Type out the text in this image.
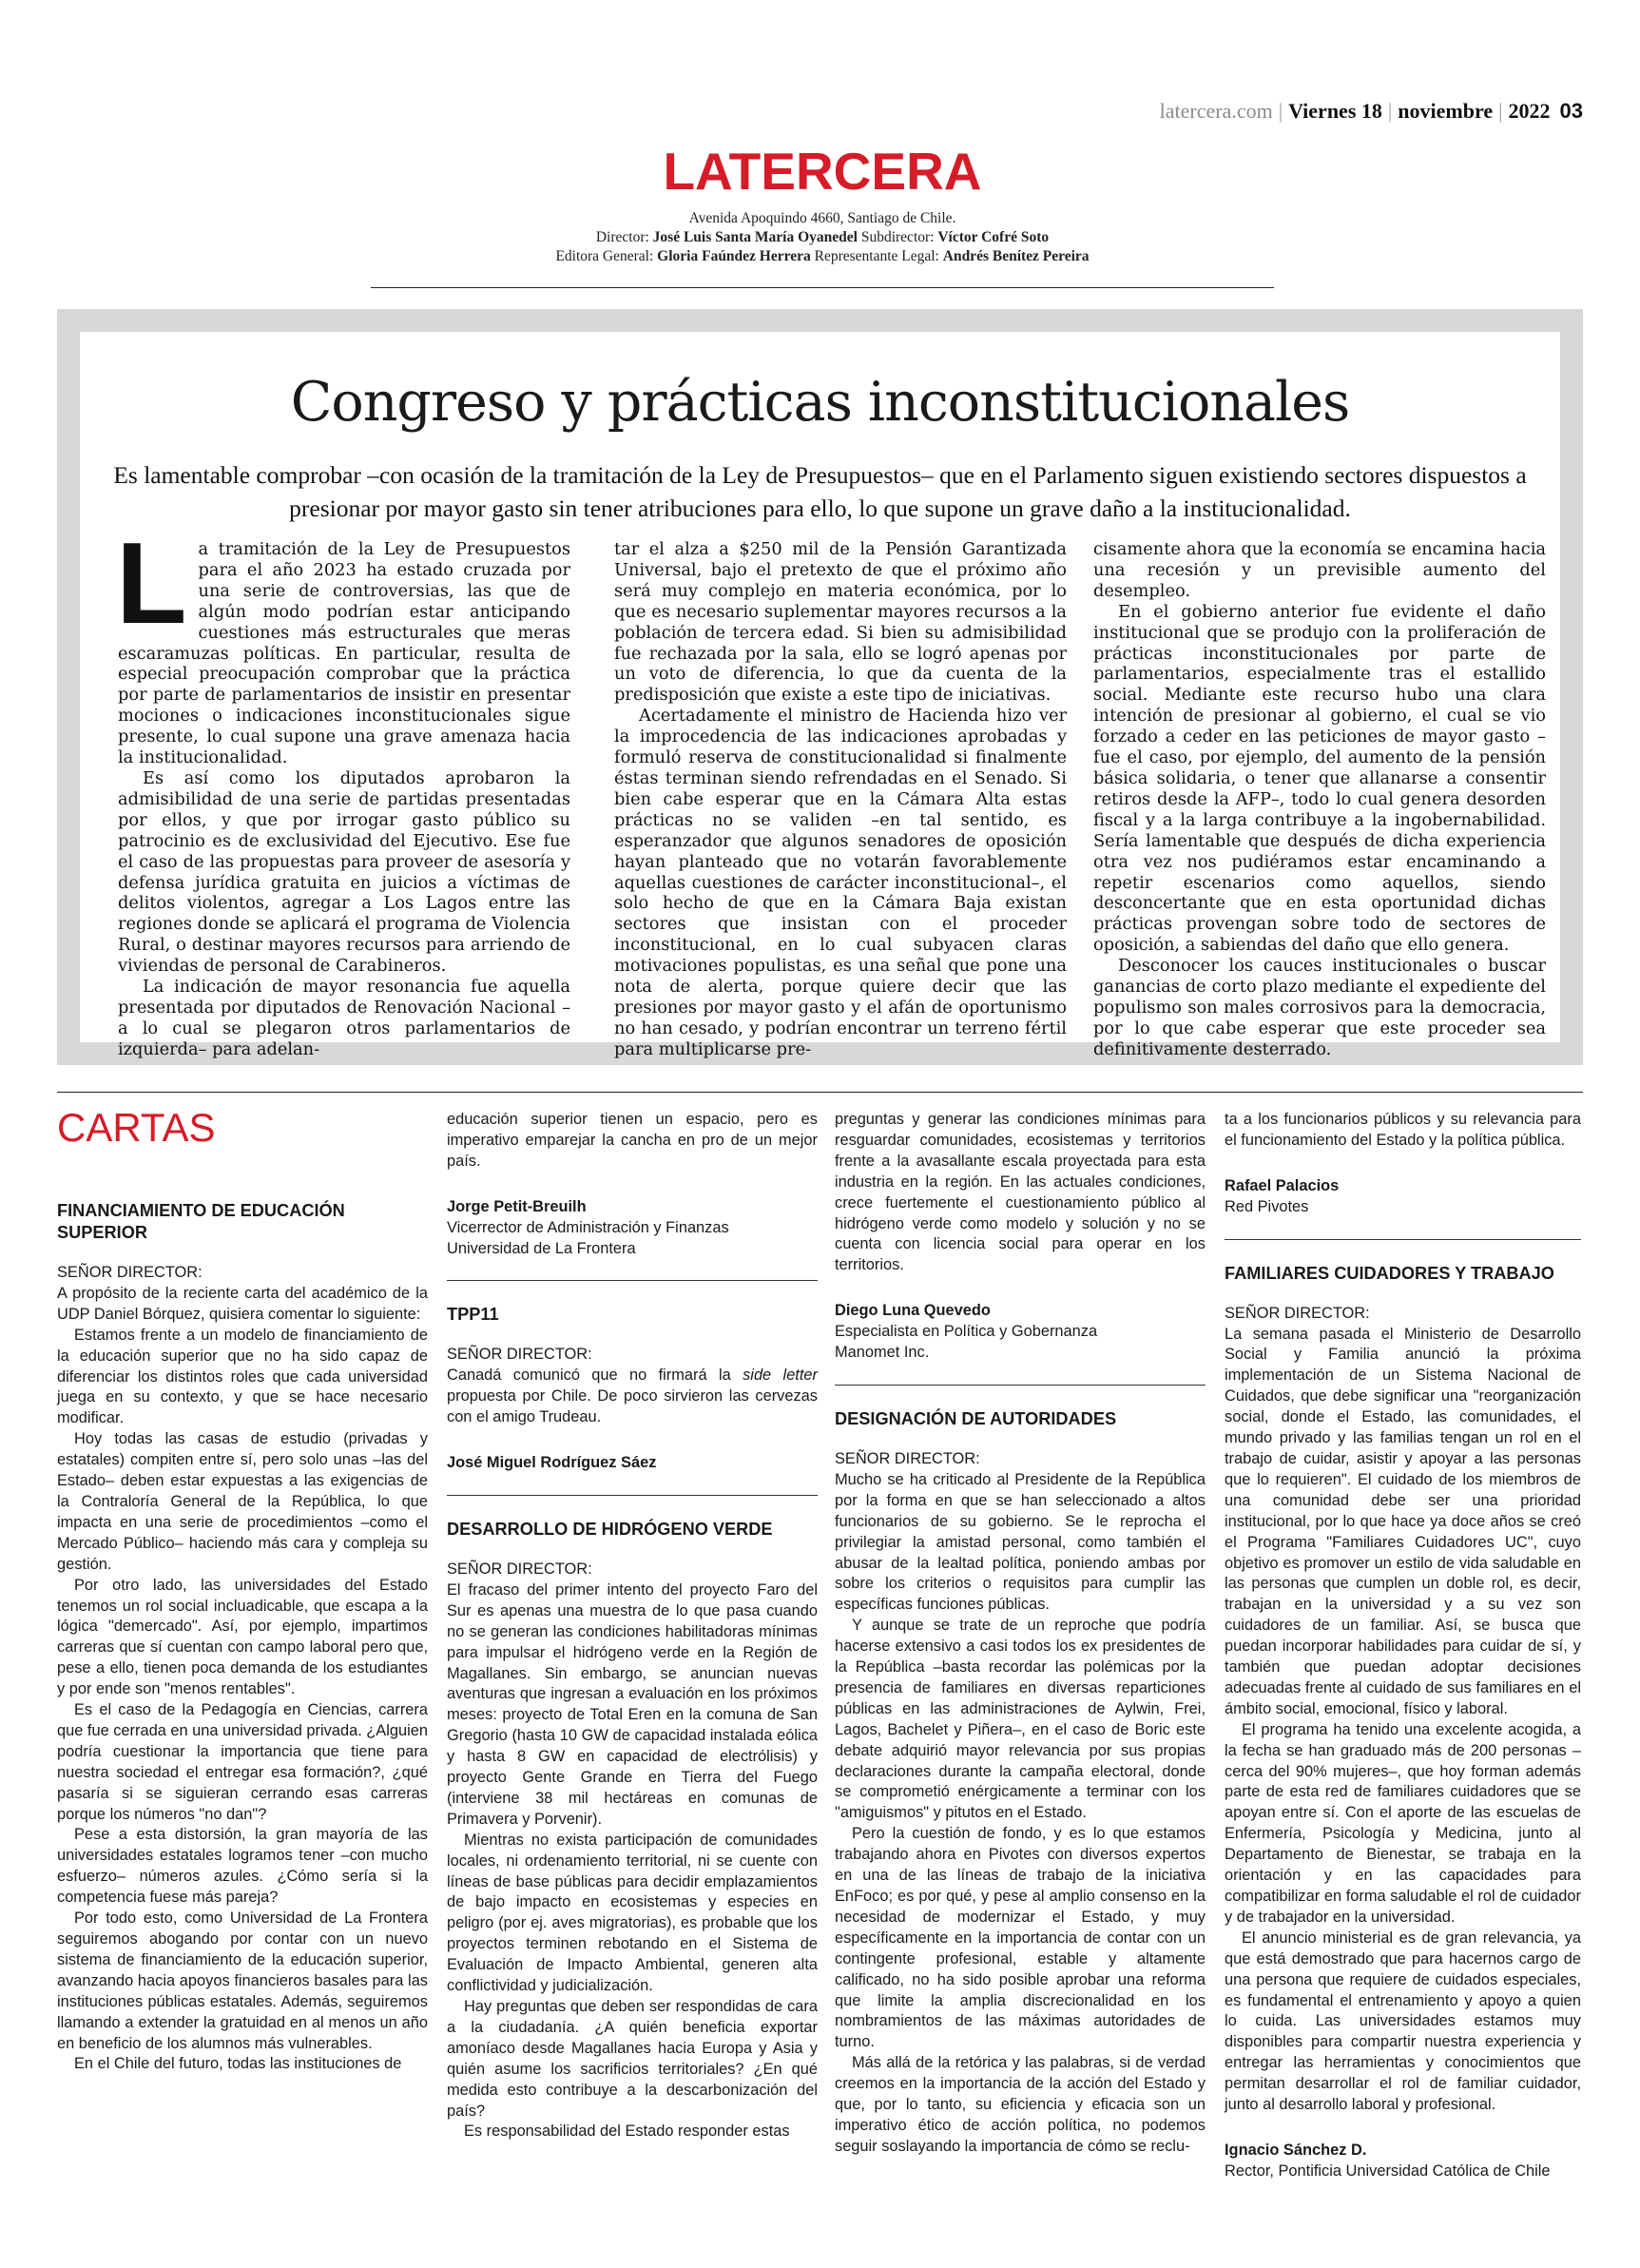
latercera.com | Viernes 18 | noviembre | 2022 03
LATERCERA
Avenida Apoquindo 4660, Santiago de Chile.
Director: José Luis Santa María Oyanedel Subdirector: Víctor Cofré Soto
Editora General: Gloria Faúndez Herrera Representante Legal: Andrés Benítez Pereira
Congreso y prácticas inconstitucionales
Es lamentable comprobar –con ocasión de la tramitación de la Ley de Presupuestos– que en el Parlamento siguen existiendo sectores dispuestos a presionar por mayor gasto sin tener atribuciones para ello, lo que supone un grave daño a la institucionalidad.

La tramitación de la Ley de Presupuestos para el año 2023 ha estado cruzada por una serie de controversias, las que de algún modo podrían estar anticipando cuestiones más estructurales que meras escaramuzas políticas. En particular, resulta de especial preocupación comprobar que la práctica por parte de parlamentarios de insistir en presentar mociones o indicaciones inconstitucionales sigue presente, lo cual supone una grave amenaza hacia la institucionalidad.

Es así como los diputados aprobaron la admisibilidad de una serie de partidas presentadas por ellos, y que por irrogar gasto público su patrocinio es de exclusividad del Ejecutivo. Ese fue el caso de las propuestas para proveer de asesoría y defensa jurídica gratuita en juicios a víctimas de delitos violentos, agregar a Los Lagos entre las regiones donde se aplicará el programa de Violencia Rural, o destinar mayores recursos para arriendo de viviendas de personal de Carabineros.

La indicación de mayor resonancia fue aquella presentada por diputados de Renovación Nacional –a lo cual se plegaron otros parlamentarios de izquierda– para adelan-

tar el alza a $250 mil de la Pensión Garantizada Universal, bajo el pretexto de que el próximo año será muy complejo en materia económica, por lo que es necesario suplementar mayores recursos a la población de tercera edad. Si bien su admisibilidad fue rechazada por la sala, ello se logró apenas por un voto de diferencia, lo que da cuenta de la predisposición que existe a este tipo de iniciativas.

Acertadamente el ministro de Hacienda hizo ver la improcedencia de las indicaciones aprobadas y formuló reserva de constitucionalidad si finalmente éstas terminan siendo refrendadas en el Senado. Si bien cabe esperar que en la Cámara Alta estas prácticas no se validen –en tal sentido, es esperanzador que algunos senadores de oposición hayan planteado que no votarán favorablemente aquellas cuestiones de carácter inconstitucional–, el solo hecho de que en la Cámara Baja existan sectores que insistan con el proceder inconstitucional, en lo cual subyacen claras motivaciones populistas, es una señal que pone una nota de alerta, porque quiere decir que las presiones por mayor gasto y el afán de oportunismo no han cesado, y podrían encontrar un terreno fértil para multiplicarse pre-

cisamente ahora que la economía se encamina hacia una recesión y un previsible aumento del desempleo.

En el gobierno anterior fue evidente el daño institucional que se produjo con la proliferación de prácticas inconstitucionales por parte de parlamentarios, especialmente tras el estallido social. Mediante este recurso hubo una clara intención de presionar al gobierno, el cual se vio forzado a ceder en las peticiones de mayor gasto –fue el caso, por ejemplo, del aumento de la pensión básica solidaria, o tener que allanarse a consentir retiros desde la AFP–, todo lo cual genera desorden fiscal y a la larga contribuye a la ingobernabilidad. Sería lamentable que después de dicha experiencia otra vez nos pudiéramos estar encaminando a repetir escenarios como aquellos, siendo desconcertante que en esta oportunidad dichas prácticas provengan sobre todo de sectores de oposición, a sabiendas del daño que ello genera.

Desconocer los cauces institucionales o buscar ganancias de corto plazo mediante el expediente del populismo son males corrosivos para la democracia, por lo que cabe esperar que este proceder sea definitivamente desterrado.

CARTAS

FINANCIAMIENTO DE EDUCACIÓN SUPERIOR

SEÑOR DIRECTOR:

A propósito de la reciente carta del académico de la UDP Daniel Bórquez, quisiera comentar lo siguiente:

Estamos frente a un modelo de financiamiento de la educación superior que no ha sido capaz de diferenciar los distintos roles que cada universidad juega en su contexto, y que se hace necesario modificar.

Hoy todas las casas de estudio (privadas y estatales) compiten entre sí, pero solo unas –las del Estado– deben estar expuestas a las exigencias de la Contraloría General de la República, lo que impacta en una serie de procedimientos –como el Mercado Público– haciendo más cara y compleja su gestión.

Por otro lado, las universidades del Estado tenemos un rol social incluadicable, que escapa a la lógica "demercado". Así, por ejemplo, impartimos carreras que sí cuentan con campo laboral pero que, pese a ello, tienen poca demanda de los estudiantes y por ende son "menos rentables".

Es el caso de la Pedagogía en Ciencias, carrera que fue cerrada en una universidad privada. ¿Alguien podría cuestionar la importancia que tiene para nuestra sociedad el entregar esa formación?, ¿qué pasaría si se siguieran cerrando esas carreras porque los números "no dan"?

Pese a esta distorsión, la gran mayoría de las universidades estatales logramos tener –con mucho esfuerzo– números azules. ¿Cómo sería si la competencia fuese más pareja?

Por todo esto, como Universidad de La Frontera seguiremos abogando por contar con un nuevo sistema de financiamiento de la educación superior, avanzando hacia apoyos financieros basales para las instituciones públicas estatales. Además, seguiremos llamando a extender la gratuidad en al menos un año en beneficio de los alumnos más vulnerables.

En el Chile del futuro, todas las instituciones de

educación superior tienen un espacio, pero es imperativo emparejar la cancha en pro de un mejor país.

Jorge Petit-Breuilh

Vicerrector de Administración y Finanzas

Universidad de La Frontera

TPP11

SEÑOR DIRECTOR:

Canadá comunicó que no firmará la side letter propuesta por Chile. De poco sirvieron las cervezas con el amigo Trudeau.

José Miguel Rodríguez Sáez

DESARROLLO DE HIDRÓGENO VERDE

SEÑOR DIRECTOR:

El fracaso del primer intento del proyecto Faro del Sur es apenas una muestra de lo que pasa cuando no se generan las condiciones habilitadoras mínimas para impulsar el hidrógeno verde en la Región de Magallanes. Sin embargo, se anuncian nuevas aventuras que ingresan a evaluación en los próximos meses: proyecto de Total Eren en la comuna de San Gregorio (hasta 10 GW de capacidad instalada eólica y hasta 8 GW en capacidad de electrólisis) y proyecto Gente Grande en Tierra del Fuego (interviene 38 mil hectáreas en comunas de Primavera y Porvenir).

Mientras no exista participación de comunidades locales, ni ordenamiento territorial, ni se cuente con líneas de base públicas para decidir emplazamientos de bajo impacto en ecosistemas y especies en peligro (por ej. aves migratorias), es probable que los proyectos terminen rebotando en el Sistema de Evaluación de Impacto Ambiental, generen alta conflictividad y judicialización.

Hay preguntas que deben ser respondidas de cara a la ciudadanía. ¿A quién beneficia exportar amoníaco desde Magallanes hacia Europa y Asia y quién asume los sacrificios territoriales? ¿En qué medida esto contribuye a la descarbonización del país?

Es responsabilidad del Estado responder estas

preguntas y generar las condiciones mínimas para resguardar comunidades, ecosistemas y territorios frente a la avasallante escala proyectada para esta industria en la región. En las actuales condiciones, crece fuertemente el cuestionamiento público al hidrógeno verde como modelo y solución y no se cuenta con licencia social para operar en los territorios.

Diego Luna Quevedo

Especialista en Política y Gobernanza

Manomet Inc.

DESIGNACIÓN DE AUTORIDADES

SEÑOR DIRECTOR:

Mucho se ha criticado al Presidente de la República por la forma en que se han seleccionado a altos funcionarios de su gobierno. Se le reprocha el privilegiar la amistad personal, como también el abusar de la lealtad política, poniendo ambas por sobre los criterios o requisitos para cumplir las específicas funciones públicas.

Y aunque se trate de un reproche que podría hacerse extensivo a casi todos los ex presidentes de la República –basta recordar las polémicas por la presencia de familiares en diversas reparticiones públicas en las administraciones de Aylwin, Frei, Lagos, Bachelet y Piñera–, en el caso de Boric este debate adquirió mayor relevancia por sus propias declaraciones durante la campaña electoral, donde se comprometió enérgicamente a terminar con los "amiguismos" y pitutos en el Estado.

Pero la cuestión de fondo, y es lo que estamos trabajando ahora en Pivotes con diversos expertos en una de las líneas de trabajo de la iniciativa EnFoco; es por qué, y pese al amplio consenso en la necesidad de modernizar el Estado, y muy específicamente en la importancia de contar con un contingente profesional, estable y altamente calificado, no ha sido posible aprobar una reforma que limite la amplia discrecionalidad en los nombramientos de las máximas autoridades de turno.

Más allá de la retórica y las palabras, si de verdad creemos en la importancia de la acción del Estado y que, por lo tanto, su eficiencia y eficacia son un imperativo ético de acción política, no podemos seguir soslayando la importancia de cómo se reclu-

ta a los funcionarios públicos y su relevancia para el funcionamiento del Estado y la política pública.

Rafael Palacios

Red Pivotes

FAMILIARES CUIDADORES Y TRABAJO

SEÑOR DIRECTOR:

La semana pasada el Ministerio de Desarrollo Social y Familia anunció la próxima implementación de un Sistema Nacional de Cuidados, que debe significar una "reorganización social, donde el Estado, las comunidades, el mundo privado y las familias tengan un rol en el trabajo de cuidar, asistir y apoyar a las personas que lo requieren". El cuidado de los miembros de una comunidad debe ser una prioridad institucional, por lo que hace ya doce años se creó el Programa "Familiares Cuidadores UC", cuyo objetivo es promover un estilo de vida saludable en las personas que cumplen un doble rol, es decir, trabajan en la universidad y a su vez son cuidadores de un familiar. Así, se busca que puedan incorporar habilidades para cuidar de sí, y también que puedan adoptar decisiones adecuadas frente al cuidado de sus familiares en el ámbito social, emocional, físico y laboral.

El programa ha tenido una excelente acogida, a la fecha se han graduado más de 200 personas –cerca del 90% mujeres–, que hoy forman además parte de esta red de familiares cuidadores que se apoyan entre sí. Con el aporte de las escuelas de Enfermería, Psicología y Medicina, junto al Departamento de Bienestar, se trabaja en la orientación y en las capacidades para compatibilizar en forma saludable el rol de cuidador y de trabajador en la universidad.

El anuncio ministerial es de gran relevancia, ya que está demostrado que para hacernos cargo de una persona que requiere de cuidados especiales, es fundamental el entrenamiento y apoyo a quien lo cuida. Las universidades estamos muy disponibles para compartir nuestra experiencia y entregar las herramientas y conocimientos que permitan desarrollar el rol de familiar cuidador, junto al desarrollo laboral y profesional.

Ignacio Sánchez D.

Rector, Pontificia Universidad Católica de Chile
